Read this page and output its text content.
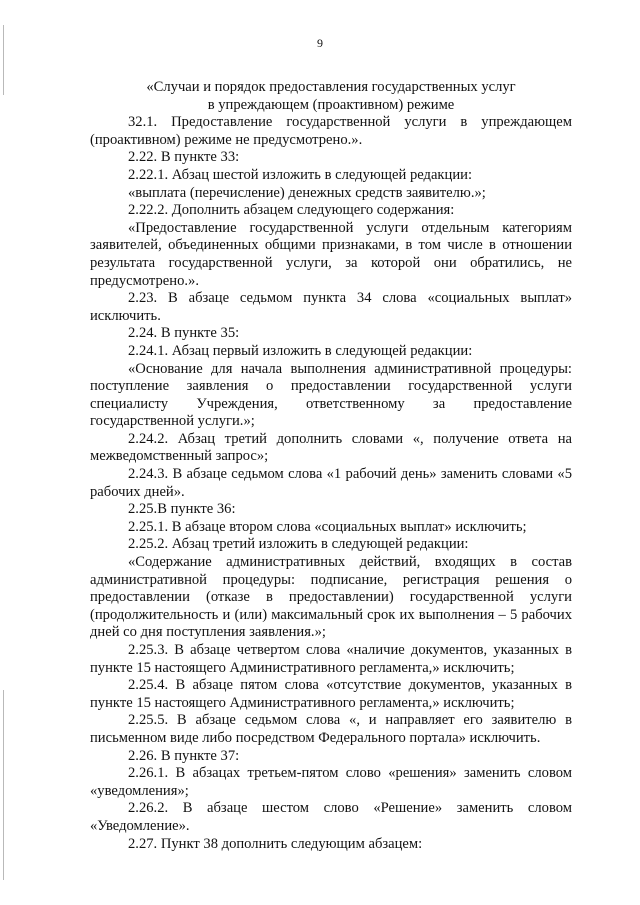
9

«Случаи и порядок предоставления государственных услуг
в упреждающем (проактивном) режиме

32.1. Предоставление государственной услуги в упреждающем (проактивном) режиме не предусмотрено.».

2.22. В пункте 33:

2.22.1. Абзац шестой изложить в следующей редакции:

«выплата (перечисление) денежных средств заявителю.»;

2.22.2. Дополнить абзацем следующего содержания:

«Предоставление государственной услуги отдельным категориям заявителей, объединенных общими признаками, в том числе в отношении результата государственной услуги, за которой они обратились, не предусмотрено.».

2.23. В абзаце седьмом пункта 34 слова «социальных выплат» исключить.

2.24. В пункте 35:

2.24.1. Абзац первый изложить в следующей редакции:

«Основание для начала выполнения административной процедуры: поступление заявления о предоставлении государственной услуги специалисту Учреждения, ответственному за предоставление государственной услуги.»;

2.24.2. Абзац третий дополнить словами «, получение ответа на межведомственный запрос»;

2.24.3. В абзаце седьмом слова «1 рабочий день» заменить словами «5 рабочих дней».

2.25.В пункте 36:

2.25.1. В абзаце втором слова «социальных выплат» исключить;

2.25.2. Абзац третий изложить в следующей редакции:

«Содержание административных действий, входящих в состав административной процедуры: подписание, регистрация решения о предоставлении (отказе в предоставлении) государственной услуги (продолжительность и (или) максимальный срок их выполнения – 5 рабочих дней со дня поступления заявления.»;

2.25.3. В абзаце четвертом слова «наличие документов, указанных в пункте 15 настоящего Административного регламента,» исключить;

2.25.4. В абзаце пятом слова «отсутствие документов, указанных в пункте 15 настоящего Административного регламента,» исключить;

2.25.5. В абзаце седьмом слова «, и направляет его заявителю в письменном виде либо посредством Федерального портала» исключить.

2.26. В пункте 37:

2.26.1. В абзацах третьем-пятом слово «решения» заменить словом «уведомления»;

2.26.2. В абзаце шестом слово «Решение» заменить словом «Уведомление».

2.27. Пункт 38 дополнить следующим абзацем:
